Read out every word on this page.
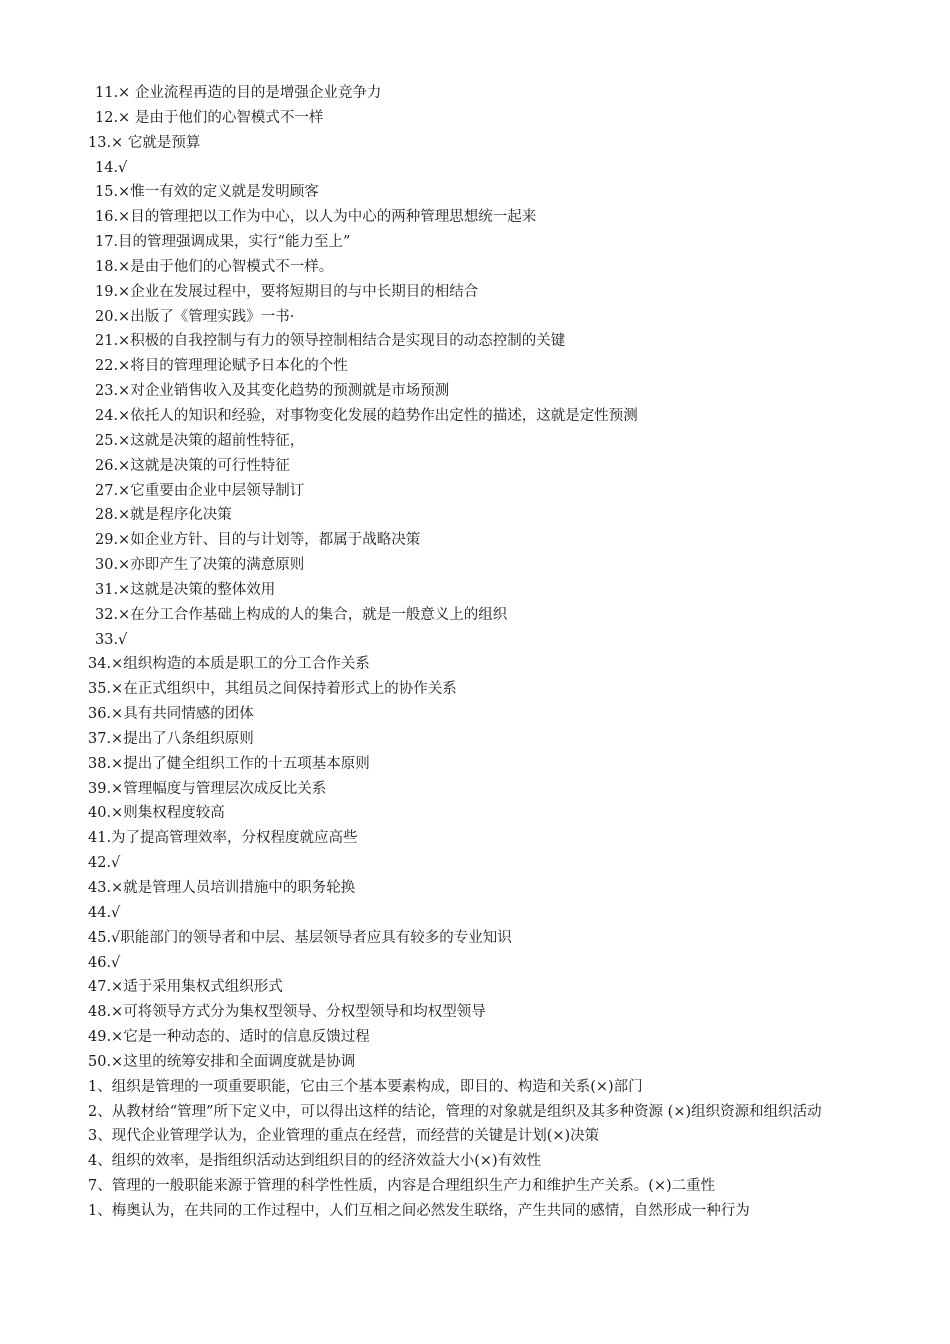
11.× 企业流程再造的目的是增强企业竞争力
12.× 是由于他们的心智模式不一样
13.× 它就是预算
14.√
15.×惟一有效的定义就是发明顾客
16.×目的管理把以工作为中心，以人为中心的两种管理思想统一起来
17.目的管理强调成果，实行“能力至上”
18.×是由于他们的心智模式不一样。
19.×企业在发展过程中，要将短期目的与中长期目的相结合
20.×出版了《管理实践》一书·
21.×积极的自我控制与有力的领导控制相结合是实现目的动态控制的关键
22.×将目的管理理论赋予日本化的个性
23.×对企业销售收入及其变化趋势的预测就是市场预测
24.×依托人的知识和经验，对事物变化发展的趋势作出定性的描述，这就是定性预测
25.×这就是决策的超前性特征，
26.×这就是决策的可行性特征
27.×它重要由企业中层领导制订
28.×就是程序化决策
29.×如企业方针、目的与计划等，都属于战略决策
30.×亦即产生了决策的满意原则
31.×这就是决策的整体效用
32.×在分工合作基础上构成的人的集合，就是一般意义上的组织
33.√
34.×组织构造的本质是职工的分工合作关系
35.×在正式组织中，其组员之间保持着形式上的协作关系
36.×具有共同情感的团体
37.×提出了八条组织原则
38.×提出了健全组织工作的十五项基本原则
39.×管理幅度与管理层次成反比关系
40.×则集权程度较高
41.为了提高管理效率，分权程度就应高些
42.√
43.×就是管理人员培训措施中的职务轮换
44.√
45.√职能部门的领导者和中层、基层领导者应具有较多的专业知识
46.√
47.×适于采用集权式组织形式
48.×可将领导方式分为集权型领导、分权型领导和均权型领导
49.×它是一种动态的、适时的信息反馈过程
50.×这里的统筹安排和全面调度就是协调
1、组织是管理的一项重要职能，它由三个基本要素构成，即目的、构造和关系(×)部门
2、从教材给“管理”所下定义中，可以得出这样的结论，管理的对象就是组织及其多种资源 (×)组织资源和组织活动
3、现代企业管理学认为，企业管理的重点在经营，而经营的关键是计划(×)决策
4、组织的效率，是指组织活动达到组织目的的经济效益大小(×)有效性
7、管理的一般职能来源于管理的科学性性质，内容是合理组织生产力和维护生产关系。(×)二重性
1、梅奥认为，在共同的工作过程中，人们互相之间必然发生联络，产生共同的感情，自然形成一种行为
